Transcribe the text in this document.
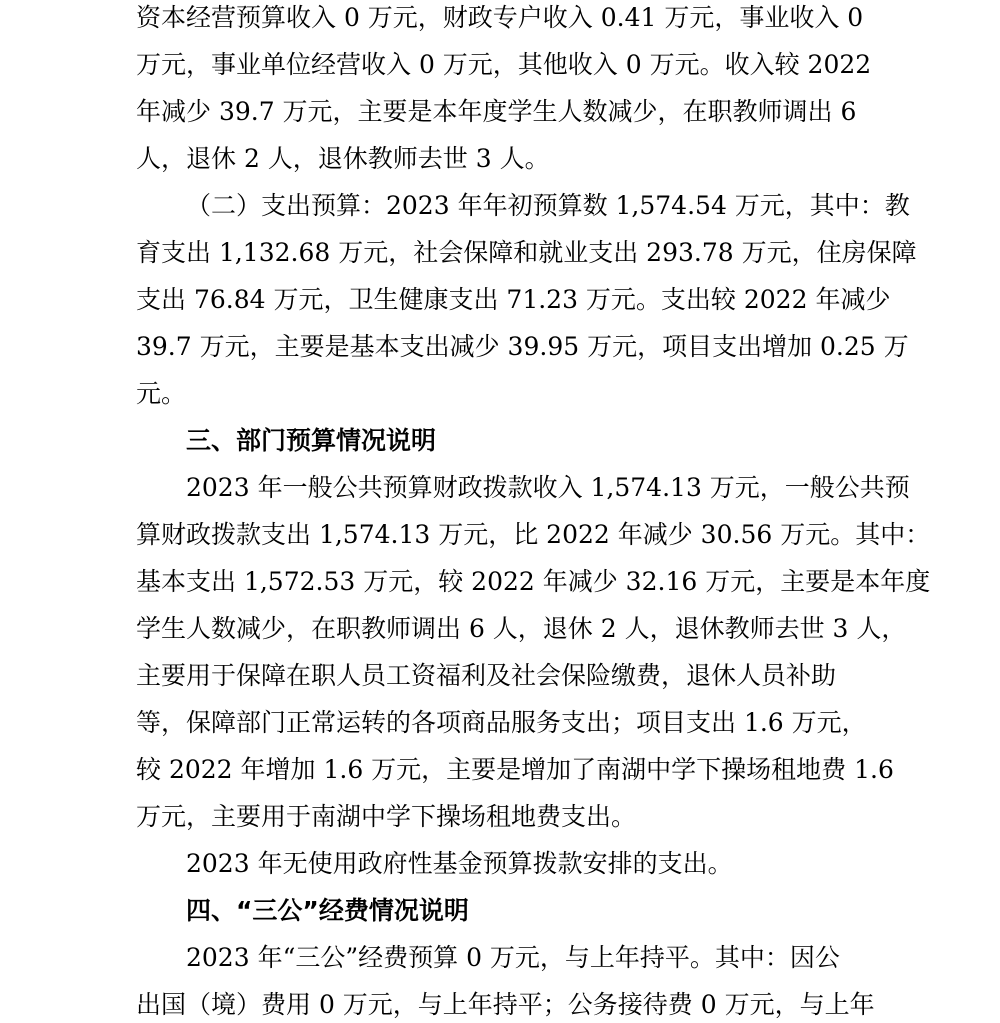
资本经营预算收入 0 万元，财政专户收入 0.41 万元，事业收入 0
万元，事业单位经营收入 0 万元，其他收入 0 万元。收入较 2022
年减少 39.7 万元，主要是本年度学生人数减少，在职教师调出 6
人，退休 2 人，退休教师去世 3 人。
（二）支出预算：2023 年年初预算数 1,574.54 万元，其中：教
育支出 1,132.68 万元，社会保障和就业支出 293.78 万元，住房保障
支出 76.84 万元，卫生健康支出 71.23 万元。支出较 2022 年减少
39.7 万元，主要是基本支出减少 39.95 万元，项目支出增加 0.25 万
元。
三、部门预算情况说明
2023 年一般公共预算财政拨款收入 1,574.13 万元，一般公共预
算财政拨款支出 1,574.13 万元，比 2022 年减少 30.56 万元。其中：
基本支出 1,572.53 万元，较 2022 年减少 32.16 万元，主要是本年度
学生人数减少，在职教师调出 6 人，退休 2 人，退休教师去世 3 人，
主要用于保障在职人员工资福利及社会保险缴费，退休人员补助
等，保障部门正常运转的各项商品服务支出；项目支出 1.6 万元，
较 2022 年增加 1.6 万元，主要是增加了南湖中学下操场租地费 1.6
万元，主要用于南湖中学下操场租地费支出。
2023 年无使用政府性基金预算拨款安排的支出。
四、“三公”经费情况说明
2023 年“三公”经费预算 0 万元，与上年持平。其中：因公
出国（境）费用 0 万元，与上年持平；公务接待费 0 万元，与上年
